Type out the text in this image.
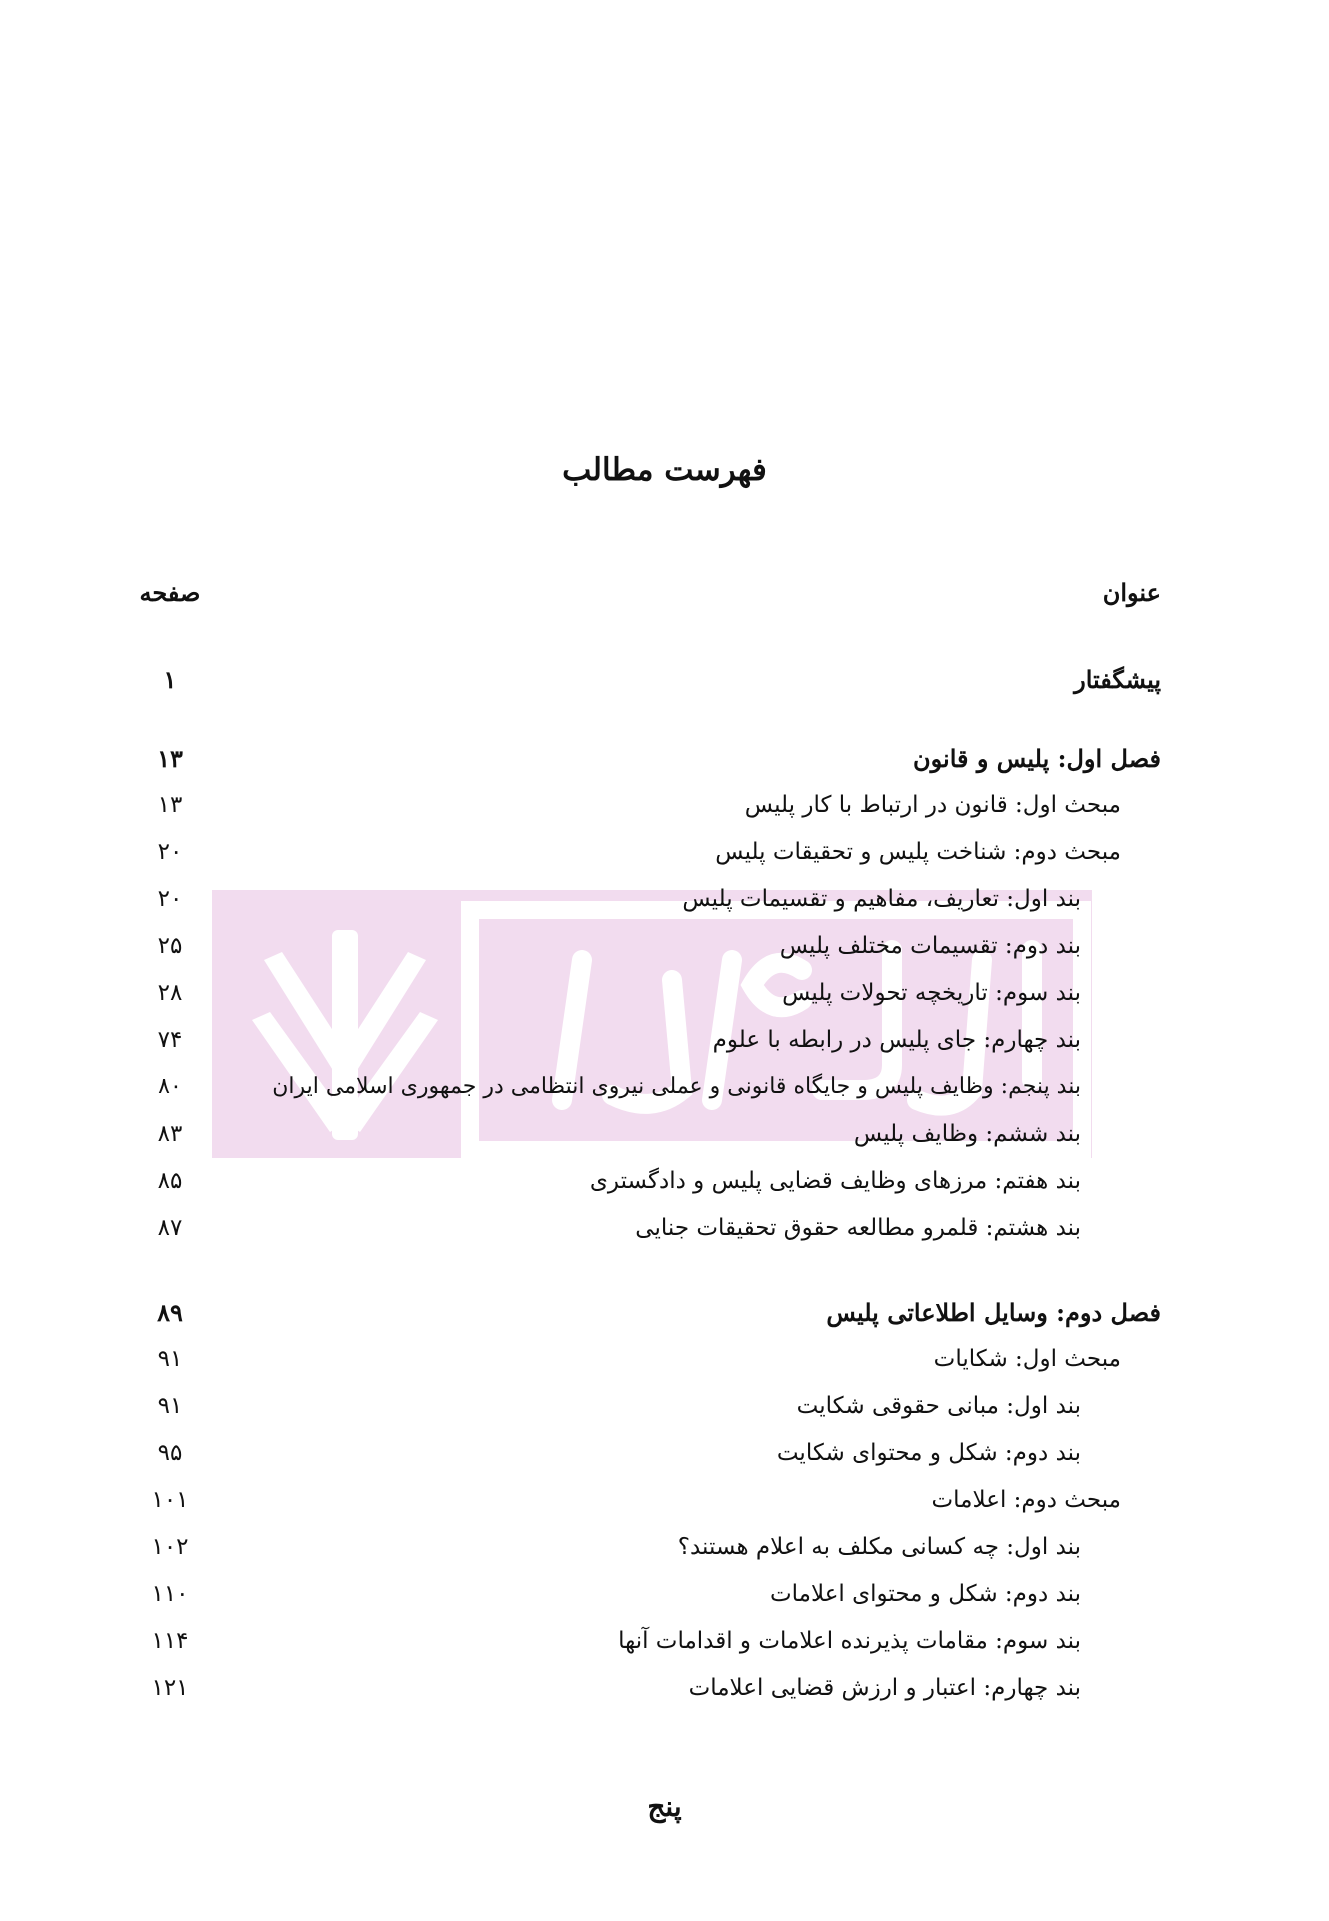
فهرست مطالب
عنوان
صفحه
پیشگفتار
۱
فصل اول: پلیس و قانون
۱۳
مبحث اول: قانون در ارتباط با کار پلیس
۱۳
مبحث دوم: شناخت پلیس و تحقیقات پلیس
۲۰
بند اول: تعاریف، مفاهیم و تقسیمات پلیس
۲۰
بند دوم: تقسیمات مختلف پلیس
۲۵
بند سوم: تاریخچه تحولات پلیس
۲۸
بند چهارم: جای پلیس در رابطه با علوم
۷۴
بند پنجم: وظایف پلیس و جایگاه قانونی و عملی نیروی انتظامی در جمهوری اسلامی ایران
۸۰
بند ششم: وظایف پلیس
۸۳
بند هفتم: مرزهای وظایف قضایی پلیس و دادگستری
۸۵
بند هشتم: قلمرو مطالعه حقوق تحقیقات جنایی
۸۷
فصل دوم: وسایل اطلاعاتی پلیس
۸۹
مبحث اول: شکایات
۹۱
بند اول: مبانی حقوقی شکایت
۹۱
بند دوم: شکل و محتوای شکایت
۹۵
مبحث دوم: اعلامات
۱۰۱
بند اول: چه کسانی مکلف به اعلام هستند؟
۱۰۲
بند دوم: شکل و محتوای اعلامات
۱۱۰
بند سوم: مقامات پذیرنده اعلامات و اقدامات آنها
۱۱۴
بند چهارم: اعتبار و ارزش قضایی اعلامات
۱۲۱
پنج
